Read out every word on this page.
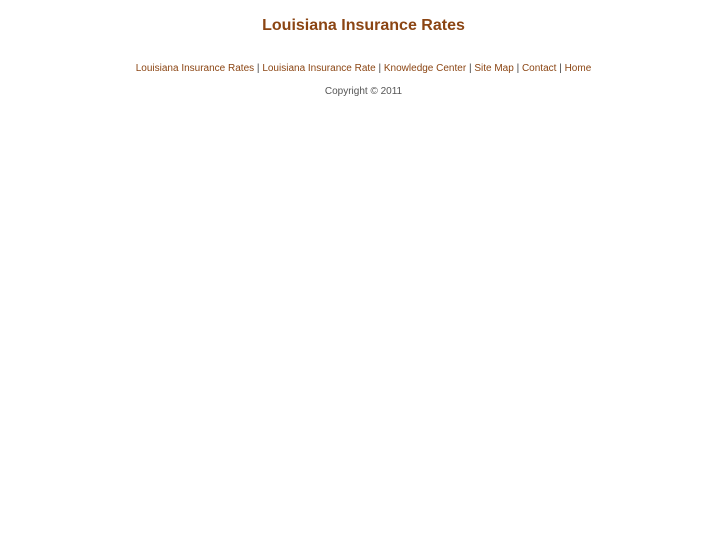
Louisiana Insurance Rates
Louisiana Insurance Rates | Louisiana Insurance Rate | Knowledge Center | Site Map | Contact | Home
Copyright © 2011
